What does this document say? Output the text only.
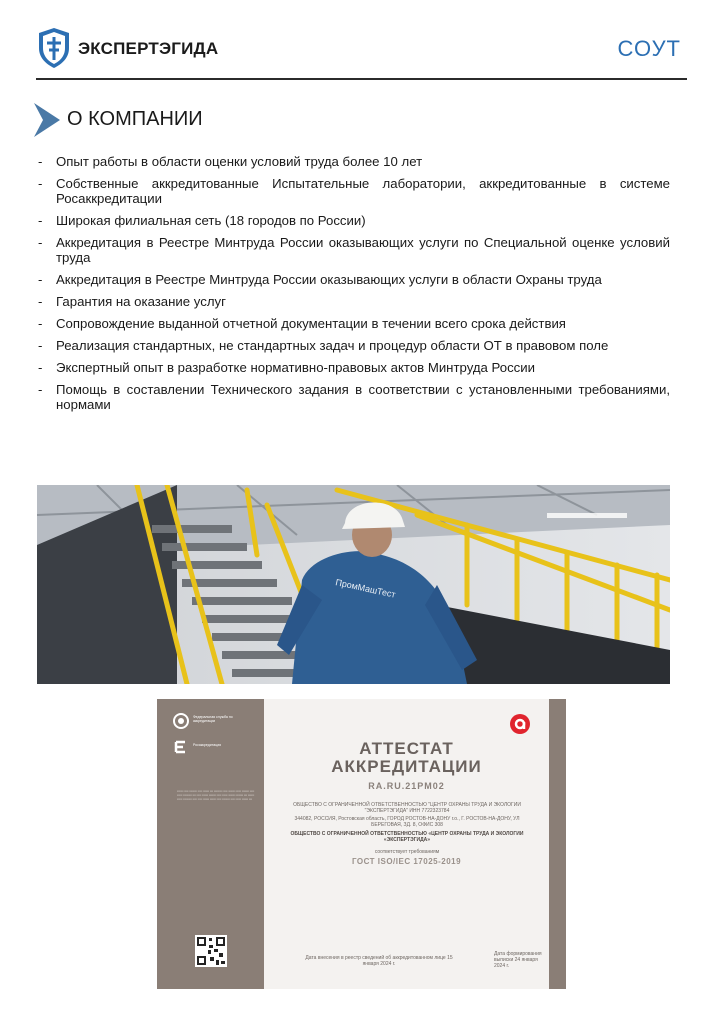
ЭКСПЕРТЭГИДА	СОУТ
О КОМПАНИИ
- Опыт работы в области оценки условий труда более 10 лет
- Собственные аккредитованные Испытательные лаборатории, аккредитованные в системе Росаккредитации
- Широкая филиальная сеть (18 городов по России)
- Аккредитация в Реестре Минтруда России оказывающих услуги по Специальной оценке условий труда
- Аккредитация в Реестре Минтруда России оказывающих услуги в области Охраны труда
- Гарантия на оказание услуг
- Сопровождение выданной отчетной документации в течении всего срока действия
- Реализация стандартных, не стандартных задач и процедур области ОТ в правовом поле
- Экспертный опыт в разработке нормативно-правовых актов Минтруда России
- Помощь в составлении Технического задания в соответствии с установленными требованиями, нормами
ПромМашТест
Федеральная служба по аккредитации
Росаккредитация
▪▪▪▪▪▪ ▪▪▪▪ ▪▪▪▪▪▪▪ ▪▪▪▪ ▪▪▪▪▪▪ ▪▪▪ ▪▪▪▪▪▪▪▪ ▪▪▪▪ ▪▪▪▪▪▪ ▪▪▪▪▪ ▪▪▪▪▪▪▪ ▪▪▪▪ ▪▪▪▪▪ ▪▪▪▪▪▪▪▪ ▪▪▪ ▪▪▪▪ ▪▪▪▪▪▪ ▪▪▪▪▪▪▪ ▪▪▪▪ ▪▪▪▪▪ ▪▪▪▪▪▪ ▪▪▪▪▪▪▪ ▪▪▪ ▪▪▪▪▪▪ ▪▪▪▪▪ ▪▪▪▪▪▪▪▪ ▪▪▪▪ ▪▪▪▪ ▪▪▪▪▪▪ ▪▪▪▪▪▪ ▪▪▪▪ ▪▪▪▪▪▪▪ ▪▪▪▪ ▪▪▪▪▪ ▪▪▪▪▪▪ ▪▪▪
АТТЕСТАТ
АККРЕДИТАЦИИ
RA.RU.21PM02
ОБЩЕСТВО С ОГРАНИЧЕННОЙ ОТВЕТСТВЕННОСТЬЮ "ЦЕНТР ОХРАНЫ ТРУДА И ЭКОЛОГИИ "ЭКСПЕРТЭГИДА" ИНН 7722323784
344082, РОССИЯ, Ростовская область, ГОРОД РОСТОВ-НА-ДОНУ г.о., Г. РОСТОВ-НА-ДОНУ, УЛ БЕРЕГОВАЯ, ЗД. 8, ОФИС 308
ОБЩЕСТВО С ОГРАНИЧЕННОЙ ОТВЕТСТВЕННОСТЬЮ «ЦЕНТР ОХРАНЫ ТРУДА И ЭКОЛОГИИ «ЭКСПЕРТЭГИДА»
соответствует требованиям
ГОСТ ISO/IEC 17025-2019
Дата внесения в реестр сведений об аккредитованном лице 15 января 2024 г.
Дата формирования выписки 24 января 2024 г.
